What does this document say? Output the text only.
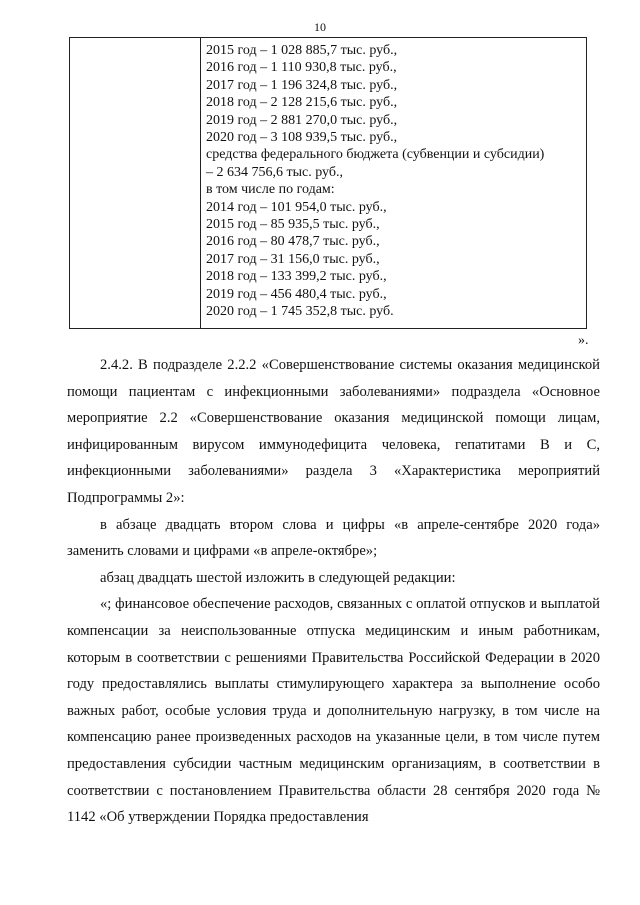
10
2015 год – 1 028 885,7 тыс. руб.,
2016 год – 1 110 930,8 тыс. руб.,
2017 год – 1 196 324,8 тыс. руб.,
2018 год – 2 128 215,6 тыс. руб.,
2019 год – 2 881 270,0 тыс. руб.,
2020 год – 3 108 939,5 тыс. руб.,
средства федерального бюджета (субвенции и субсидии)
– 2 634 756,6 тыс. руб.,
в том числе по годам:
2014 год – 101 954,0 тыс. руб.,
2015 год – 85 935,5 тыс. руб.,
2016 год – 80 478,7 тыс. руб.,
2017 год – 31 156,0 тыс. руб.,
2018 год – 133 399,2 тыс. руб.,
2019 год – 456 480,4 тыс. руб.,
2020 год – 1 745 352,8 тыс. руб.
».

2.4.2. В подразделе 2.2.2 «Совершенствование системы оказания медицинской помощи пациентам с инфекционными заболеваниями» подраздела «Основное мероприятие 2.2 «Совершенствование оказания медицинской помощи лицам, инфицированным вирусом иммунодефицита человека, гепатитами В и С, инфекционными заболеваниями» раздела 3 «Характеристика мероприятий Подпрограммы 2»:

в абзаце двадцать втором слова и цифры «в апреле-сентябре 2020 года» заменить словами и цифрами «в апреле-октябре»;

абзац двадцать шестой изложить в следующей редакции:

«; финансовое обеспечение расходов, связанных с оплатой отпусков и выплатой компенсации за неиспользованные отпуска медицинским и иным работникам, которым в соответствии с решениями Правительства Российской Федерации в 2020 году предоставлялись выплаты стимулирующего характера за выполнение особо важных работ, особые условия труда и дополнительную нагрузку, в том числе на компенсацию ранее произведенных расходов на указанные цели, в том числе путем предоставления субсидии частным медицинским организациям, в соответствии в соответствии с постановлением Правительства области 28 сентября 2020 года № 1142 «Об утверждении Порядка предоставления
